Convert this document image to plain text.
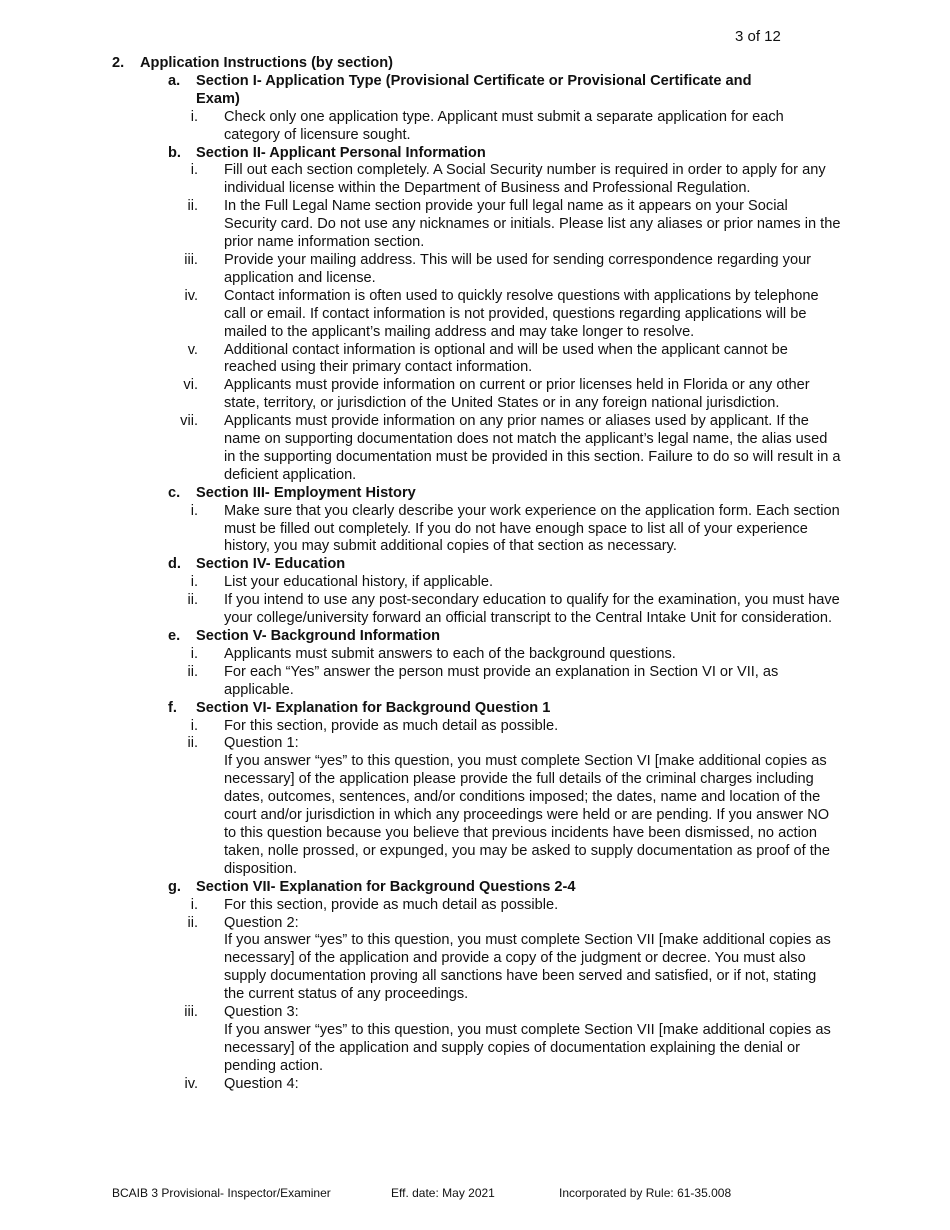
3 of 12
2. Application Instructions (by section)
a. Section I- Application Type (Provisional Certificate or Provisional Certificate and Exam)
i. Check only one application type. Applicant must submit a separate application for each category of licensure sought.
b. Section II- Applicant Personal Information
i. Fill out each section completely. A Social Security number is required in order to apply for any individual license within the Department of Business and Professional Regulation.
ii. In the Full Legal Name section provide your full legal name as it appears on your Social Security card. Do not use any nicknames or initials. Please list any aliases or prior names in the prior name information section.
iii. Provide your mailing address. This will be used for sending correspondence regarding your application and license.
iv. Contact information is often used to quickly resolve questions with applications by telephone call or email. If contact information is not provided, questions regarding applications will be mailed to the applicant’s mailing address and may take longer to resolve.
v. Additional contact information is optional and will be used when the applicant cannot be reached using their primary contact information.
vi. Applicants must provide information on current or prior licenses held in Florida or any other state, territory, or jurisdiction of the United States or in any foreign national jurisdiction.
vii. Applicants must provide information on any prior names or aliases used by applicant. If the name on supporting documentation does not match the applicant’s legal name, the alias used in the supporting documentation must be provided in this section. Failure to do so will result in a deficient application.
c. Section III- Employment History
i. Make sure that you clearly describe your work experience on the application form. Each section must be filled out completely. If you do not have enough space to list all of your experience history, you may submit additional copies of that section as necessary.
d. Section IV- Education
i. List your educational history, if applicable.
ii. If you intend to use any post-secondary education to qualify for the examination, you must have your college/university forward an official transcript to the Central Intake Unit for consideration.
e. Section V- Background Information
i. Applicants must submit answers to each of the background questions.
ii. For each “Yes” answer the person must provide an explanation in Section VI or VII, as applicable.
f. Section VI- Explanation for Background Question 1
i. For this section, provide as much detail as possible.
ii. Question 1:
If you answer “yes” to this question, you must complete Section VI [make additional copies as necessary] of the application please provide the full details of the criminal charges including dates, outcomes, sentences, and/or conditions imposed; the dates, name and location of the court and/or jurisdiction in which any proceedings were held or are pending. If you answer NO to this question because you believe that previous incidents have been dismissed, no action taken, nolle prossed, or expunged, you may be asked to supply documentation as proof of the disposition.
g. Section VII- Explanation for Background Questions 2-4
i. For this section, provide as much detail as possible.
ii. Question 2:
If you answer “yes” to this question, you must complete Section VII [make additional copies as necessary] of the application and provide a copy of the judgment or decree. You must also supply documentation proving all sanctions have been served and satisfied, or if not, stating the current status of any proceedings.
iii. Question 3:
If you answer “yes” to this question, you must complete Section VII [make additional copies as necessary] of the application and supply copies of documentation explaining the denial or pending action.
iv. Question 4:
BCAIB 3 Provisional- Inspector/Examiner	Eff. date: May 2021	Incorporated by Rule: 61-35.008
